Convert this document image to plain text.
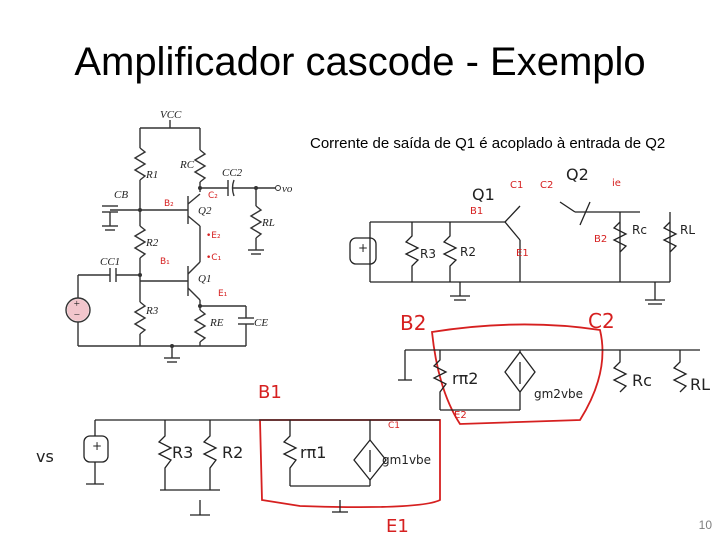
Amplificador cascode - Exemplo
Corrente de saída de Q1 é acoplado à entrada de Q2
10
+
−
VCC
RC
CC2
vo
R1
CB
Q2
RL
R2
CC1
Q1
R3
RE	CE
C₂
B₂
•E₂
•C₁
B₁
E₁
+	R3 R2
Q1
Q2
C1 C2	ie
B1
E1
B2
Rc	RL
B2	C2
rπ2
gm2vbe
E2
Rc RL
+
B1
C1
vs	R3 R2	rπ1	gm1vbe
E1
